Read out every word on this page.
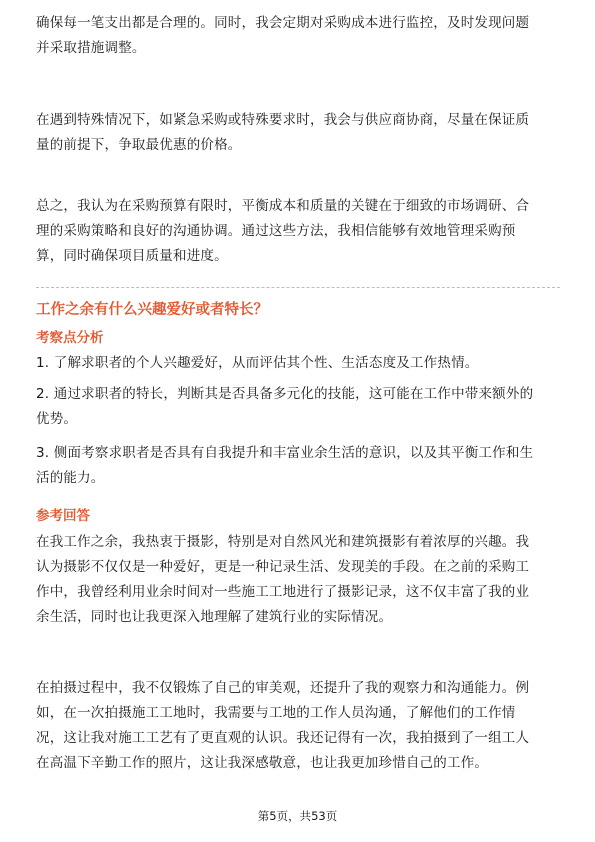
确保每一笔支出都是合理的。同时，我会定期对采购成本进行监控，及时发现问题
并采取措施调整。

在遇到特殊情况下，如紧急采购或特殊要求时，我会与供应商协商，尽量在保证质
量的前提下，争取最优惠的价格。

总之，我认为在采购预算有限时，平衡成本和质量的关键在于细致的市场调研、合
理的采购策略和良好的沟通协调。通过这些方法，我相信能够有效地管理采购预
算，同时确保项目质量和进度。

工作之余有什么兴趣爱好或者特长？

考察点分析

1. 了解求职者的个人兴趣爱好，从而评估其个性、生活态度及工作热情。

2. 通过求职者的特长，判断其是否具备多元化的技能，这可能在工作中带来额外的
优势。

3. 侧面考察求职者是否具有自我提升和丰富业余生活的意识，以及其平衡工作和生
活的能力。

参考回答

在我工作之余，我热衷于摄影，特别是对自然风光和建筑摄影有着浓厚的兴趣。我
认为摄影不仅仅是一种爱好，更是一种记录生活、发现美的手段。在之前的采购工
作中，我曾经利用业余时间对一些施工工地进行了摄影记录，这不仅丰富了我的业
余生活，同时也让我更深入地理解了建筑行业的实际情况。

在拍摄过程中，我不仅锻炼了自己的审美观，还提升了我的观察力和沟通能力。例
如，在一次拍摄施工工地时，我需要与工地的工作人员沟通，了解他们的工作情
况，这让我对施工工艺有了更直观的认识。我还记得有一次，我拍摄到了一组工人
在高温下辛勤工作的照片，这让我深感敬意，也让我更加珍惜自己的工作。

第5页，共53页
